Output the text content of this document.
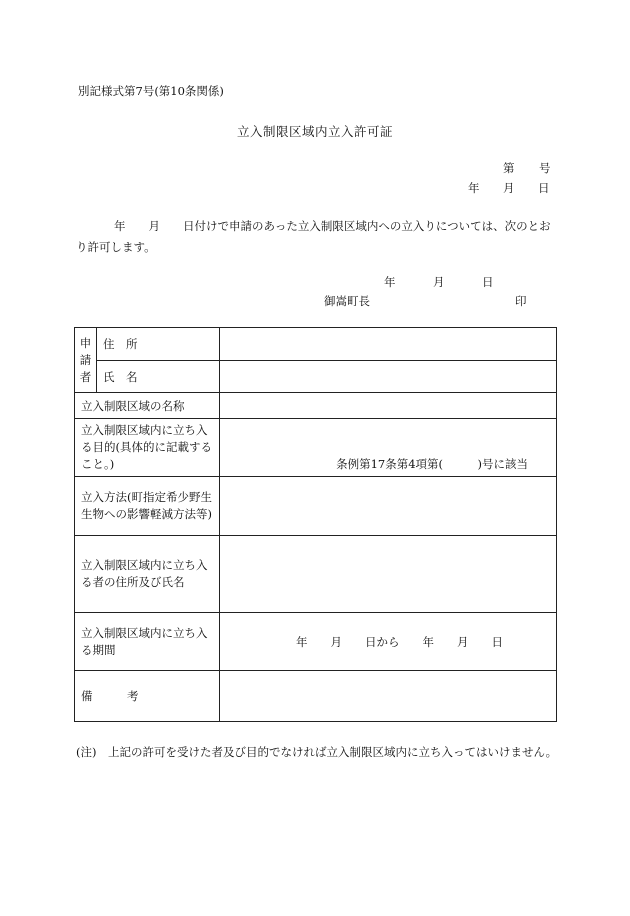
別記様式第7号(第10条関係)
立入制限区域内立入許可証
第 号
年 月 日
年　　月　　日付けで申請のあった立入制限区域内への立入りについては、次のとおり許可します。
年	月	日
御嵩町長	印
申
請
者	住　所	
	氏　名	
立入制限区域の名称		
立入制限区域内に立ち入る目的(具体的に記載すること。)		条例第17条第4項第(　　　)号に該当
立入方法(町指定希少野生生物への影響軽減方法等)		
立入制限区域内に立ち入る者の住所及び氏名		
立入制限区域内に立ち入る期間		年　　月　　日から　　年　　月　　日
備　　　考		
(注)　上記の許可を受けた者及び目的でなければ立入制限区域内に立ち入ってはいけません。
